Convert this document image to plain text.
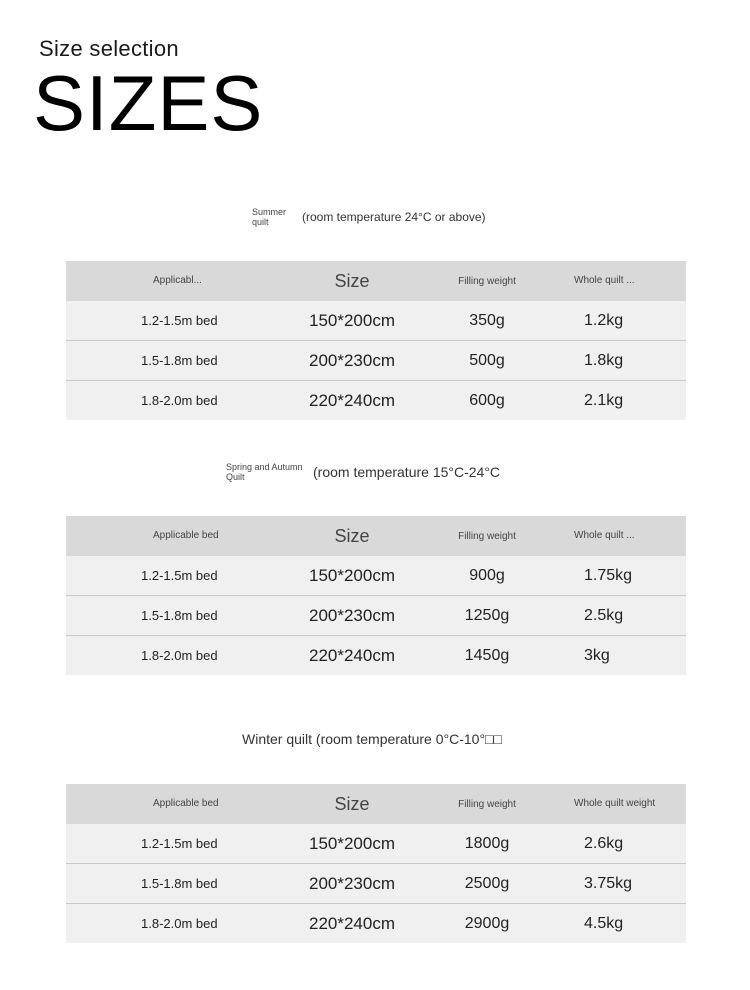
Size selection
SIZES
Summer quilt	(room temperature 24°C or above)
Applicabl...	Size	Filling weight	Whole quilt ...
1.2-1.5m bed	150*200cm	350g	1.2kg
1.5-1.8m bed	200*230cm	500g	1.8kg
1.8-2.0m bed	220*240cm	600g	2.1kg
Spring and Autumn Quilt	(room temperature 15°C-24°C
Applicable bed	Size	Filling weight	Whole quilt ...
1.2-1.5m bed	150*200cm	900g	1.75kg
1.5-1.8m bed	200*230cm	1250g	2.5kg
1.8-2.0m bed	220*240cm	1450g	3kg
Winter quilt (room temperature 0°C-10°□□
Applicable bed	Size	Filling weight	Whole quilt weight
1.2-1.5m bed	150*200cm	1800g	2.6kg
1.5-1.8m bed	200*230cm	2500g	3.75kg
1.8-2.0m bed	220*240cm	2900g	4.5kg
